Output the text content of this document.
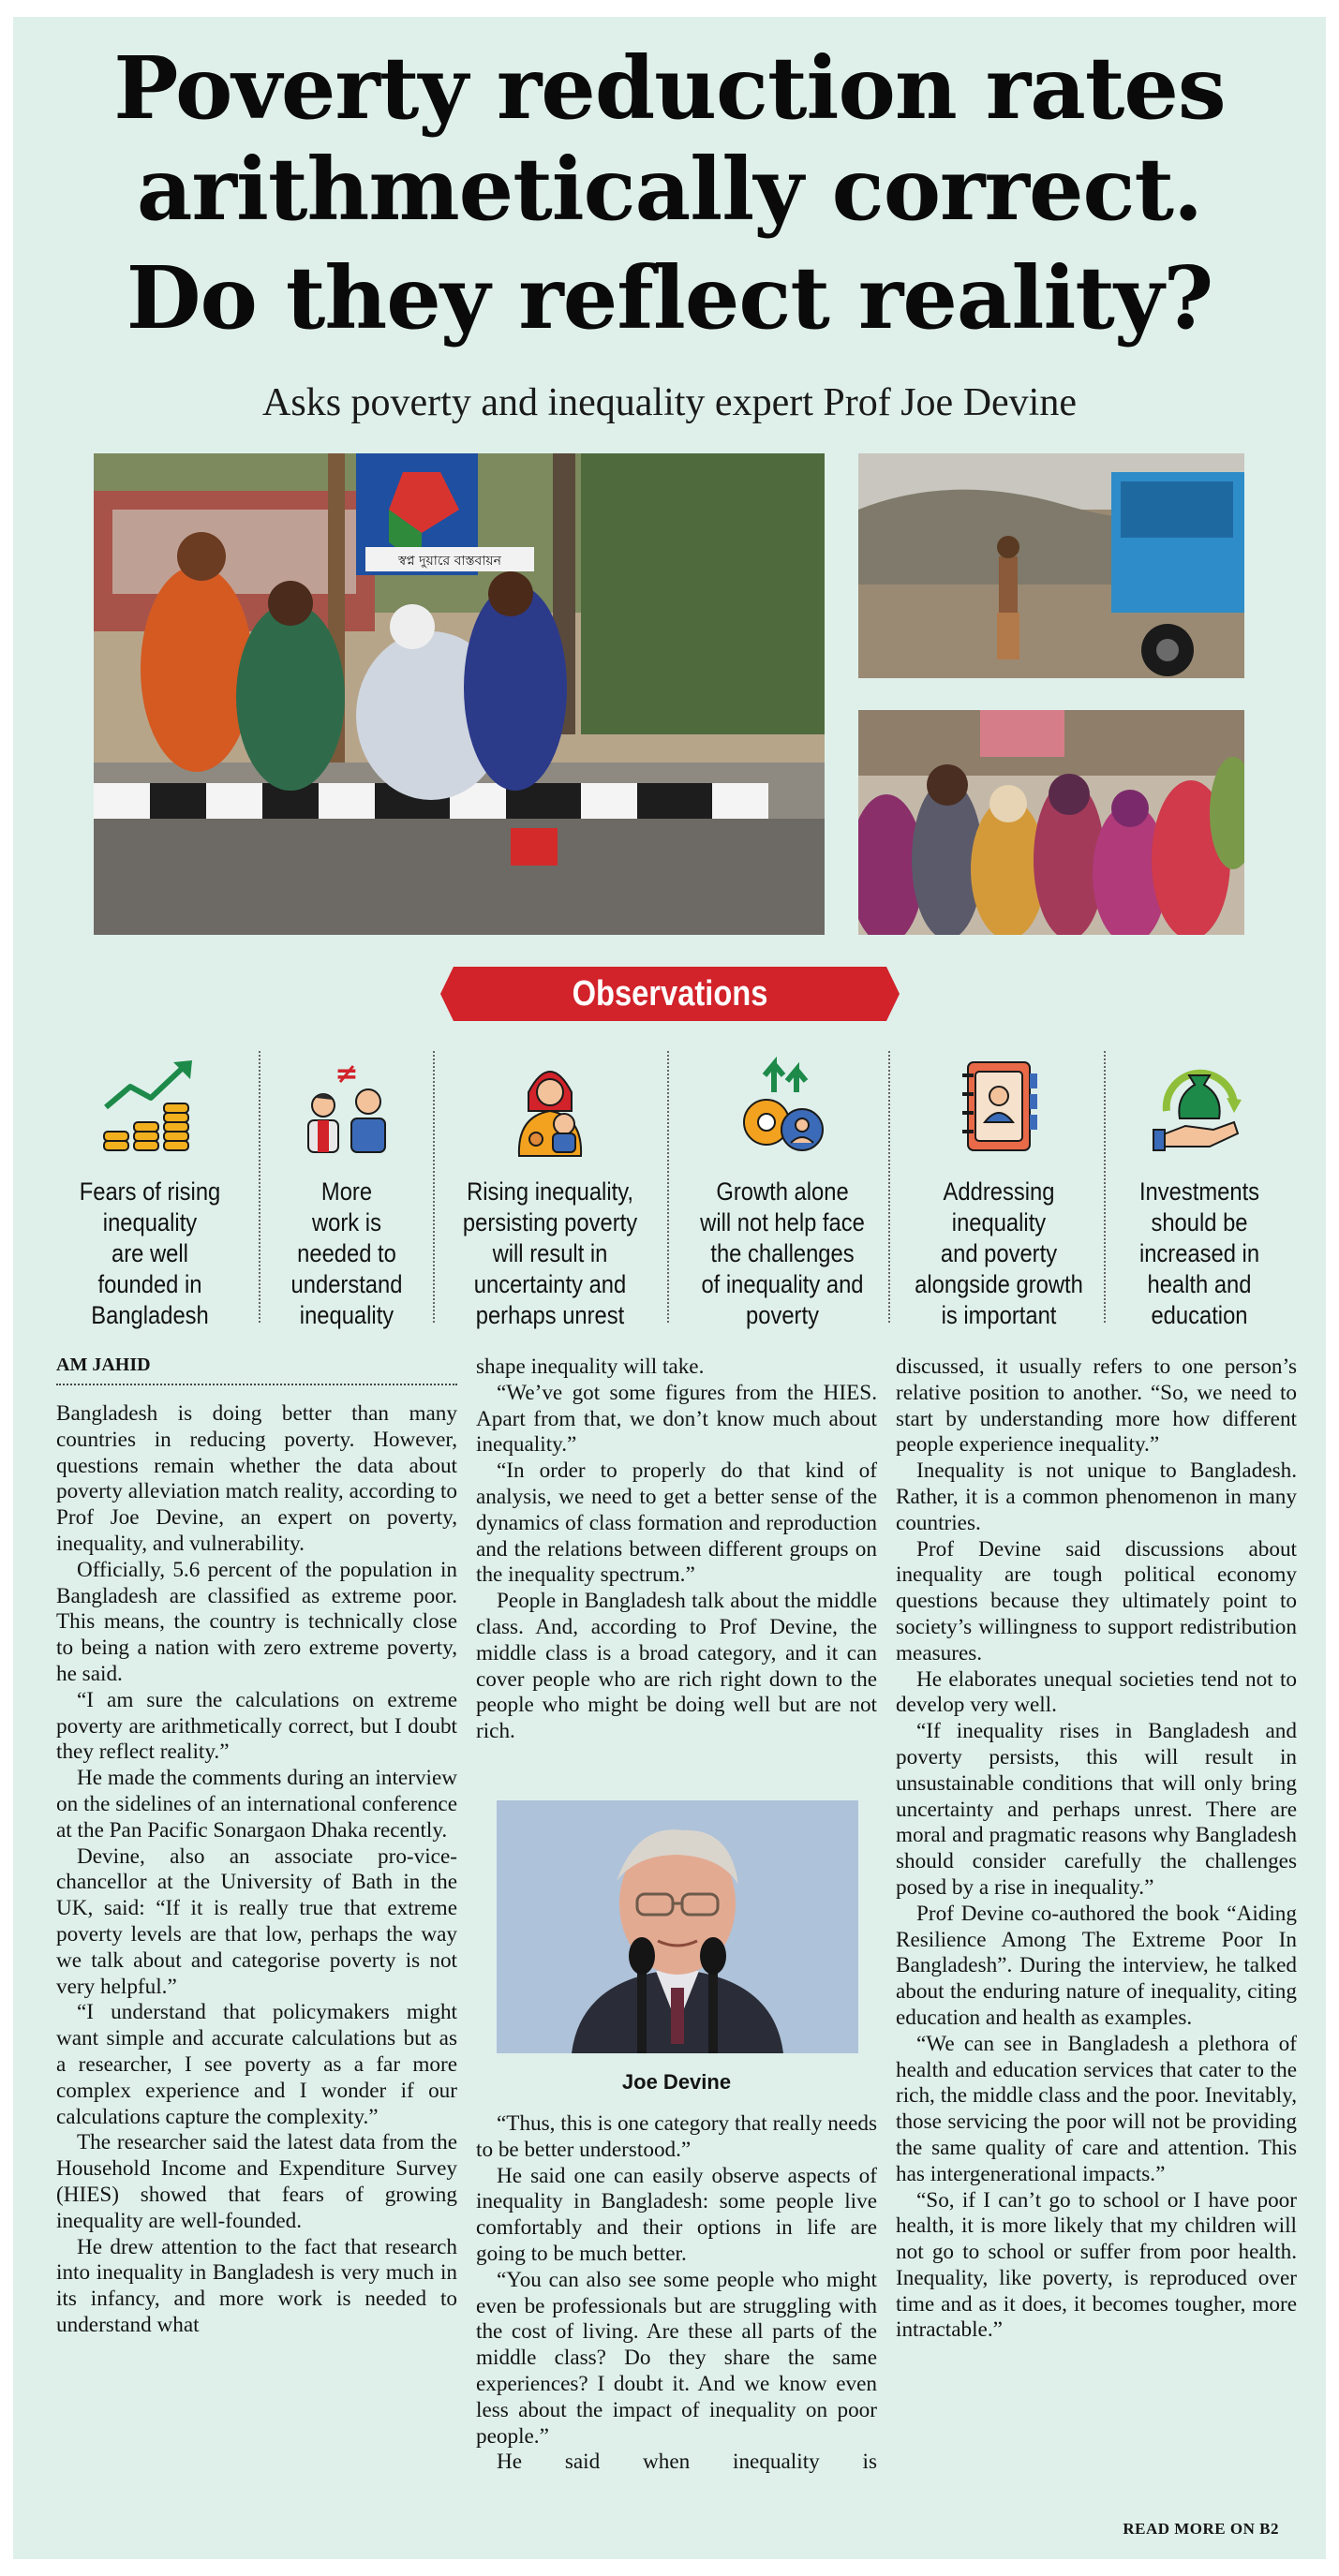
Poverty reduction rates
arithmetically correct.
Do they reflect reality?
Asks poverty and inequality expert Prof Joe Devine
স্বপ্ন দুয়ারে বাস্তবায়ন
Observations
Fears of rising
inequality
are well
founded in
Bangladesh
≠
More
work is
needed to
understand
inequality
Rising inequality,
persisting poverty
will result in
uncertainty and
perhaps unrest
Growth alone
will not help face
the challenges
of inequality and
poverty
Addressing
inequality
and poverty
alongside growth
is important
Investments
should be
increased in
health and
education
AM JAHID

Bangladesh is doing better than many countries in reducing poverty. However, questions remain whether the data about poverty alleviation match reality, according to Prof Joe Devine, an expert on poverty, inequality, and vulnerability.

Officially, 5.6 percent of the population in Bangladesh are classified as extreme poor. This means, the country is technically close to being a nation with zero extreme poverty, he said.

“I am sure the calculations on extreme poverty are arithmetically correct, but I doubt they reflect reality.”

He made the comments during an interview on the sidelines of an international conference at the Pan Pacific Sonargaon Dhaka recently.

Devine, also an associate pro-vice-chancellor at the University of Bath in the UK, said: “If it is really true that extreme poverty levels are that low, perhaps the way we talk about and categorise poverty is not very helpful.”

“I understand that policymakers might want simple and accurate calculations but as a researcher, I see poverty as a far more complex experience and I wonder if our calculations capture the complexity.”

The researcher said the latest data from the Household Income and Expenditure Survey (HIES) showed that fears of growing inequality are well-founded.

He drew attention to the fact that research into inequality in Bangladesh is very much in its infancy, and more work is needed to understand what

shape inequality will take.

“We’ve got some figures from the HIES. Apart from that, we don’t know much about inequality.”

“In order to properly do that kind of analysis, we need to get a better sense of the dynamics of class formation and reproduction and the relations between different groups on the inequality spectrum.”

People in Bangladesh talk about the middle class. And, according to Prof Devine, the middle class is a broad category, and it can cover people who are rich right down to the people who might be doing well but are not rich.

Joe Devine

“Thus, this is one category that really needs to be better understood.”

He said one can easily observe aspects of inequality in Bangladesh: some people live comfortably and their options in life are going to be much better.

“You can also see some people who might even be professionals but are struggling with the cost of living. Are these all parts of the middle class? Do they share the same experiences? I doubt it. And we know even less about the impact of inequality on poor people.”

He said when inequality is

discussed, it usually refers to one person’s relative position to another. “So, we need to start by understanding more how different people experience inequality.”

Inequality is not unique to Bangladesh. Rather, it is a common phenomenon in many countries.

Prof Devine said discussions about inequality are tough political economy questions because they ultimately point to society’s willingness to support redistribution measures.

He elaborates unequal societies tend not to develop very well.

“If inequality rises in Bangladesh and poverty persists, this will result in unsustainable conditions that will only bring uncertainty and perhaps unrest. There are moral and pragmatic reasons why Bangladesh should consider carefully the challenges posed by a rise in inequality.”

Prof Devine co-authored the book “Aiding Resilience Among The Extreme Poor In Bangladesh”. During the interview, he talked about the enduring nature of inequality, citing education and health as examples.

“We can see in Bangladesh a plethora of health and education services that cater to the rich, the middle class and the poor. Inevitably, those servicing the poor will not be providing the same quality of care and attention. This has intergenerational impacts.”

“So, if I can’t go to school or I have poor health, it is more likely that my children will not go to school or suffer from poor health. Inequality, like poverty, is reproduced over time and as it does, it becomes tougher, more intractable.”

READ MORE ON B2
